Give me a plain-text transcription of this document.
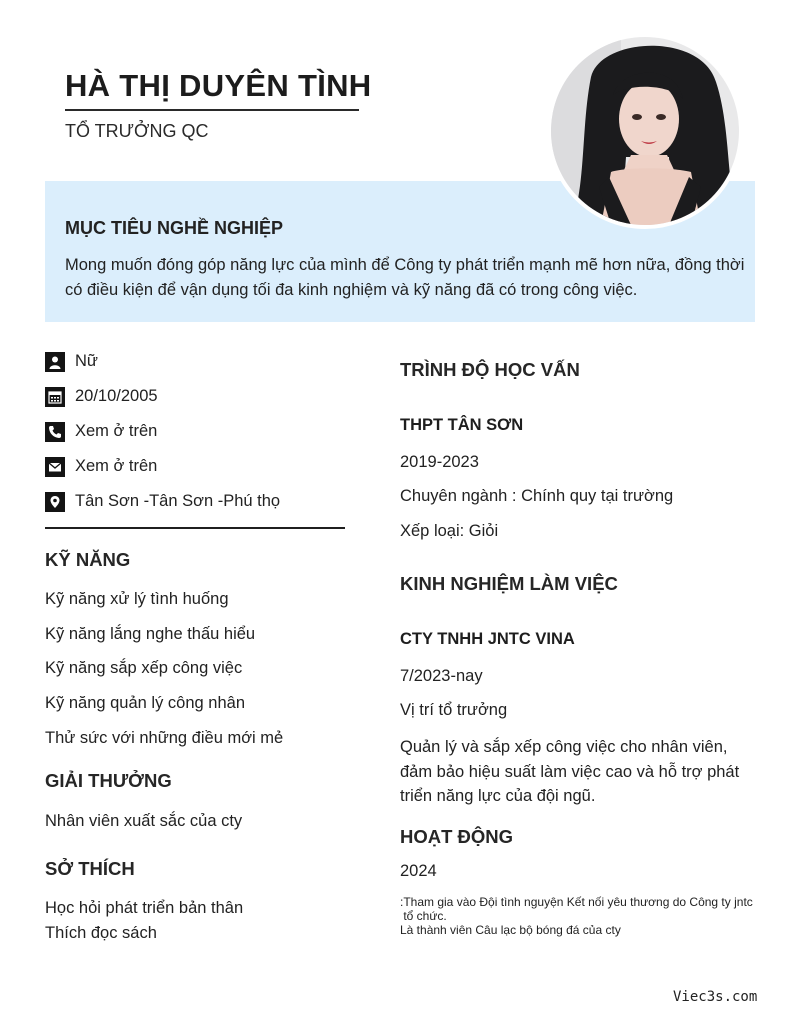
HÀ THỊ DUYÊN TÌNH
TỔ TRƯỞNG QC
MỤC TIÊU NGHỀ NGHIỆP

Mong muốn đóng góp năng lực của mình để Công ty phát triển mạnh mẽ hơn nữa, đồng thời có điều kiện để vận dụng tối đa kinh nghiệm và kỹ năng đã có trong công việc.

Nữ
20/10/2005
Xem ở trên
Xem ở trên
Tân Sơn -Tân Sơn -Phú thọ
KỸ NĂNG
Kỹ năng xử lý tình huống
Kỹ năng lắng nghe thấu hiểu
Kỹ năng sắp xếp công việc
Kỹ năng quản lý công nhân
Thử sức với những điều mới mẻ
GIẢI THƯỞNG
Nhân viên xuất sắc của cty
SỞ THÍCH
Học hỏi phát triển bản thân
Thích đọc sách
TRÌNH ĐỘ HỌC VẤN
THPT TÂN SƠN
2019-2023
Chuyên ngành : Chính quy tại trường
Xếp loại: Giỏi
KINH NGHIỆM LÀM VIỆC
CTY TNHH JNTC VINA
7/2023-nay
Vị trí tổ trưởng
Quản lý và sắp xếp công việc cho nhân viên, đảm bảo hiệu suất làm việc cao và hỗ trợ phát triển năng lực của đội ngũ.
HOẠT ĐỘNG
2024
:Tham gia vào Đội tình nguyện Kết nối yêu thương do Công ty jntc
tổ chức.
Là thành viên Câu lạc bộ bóng đá của cty
Viec3s.com
